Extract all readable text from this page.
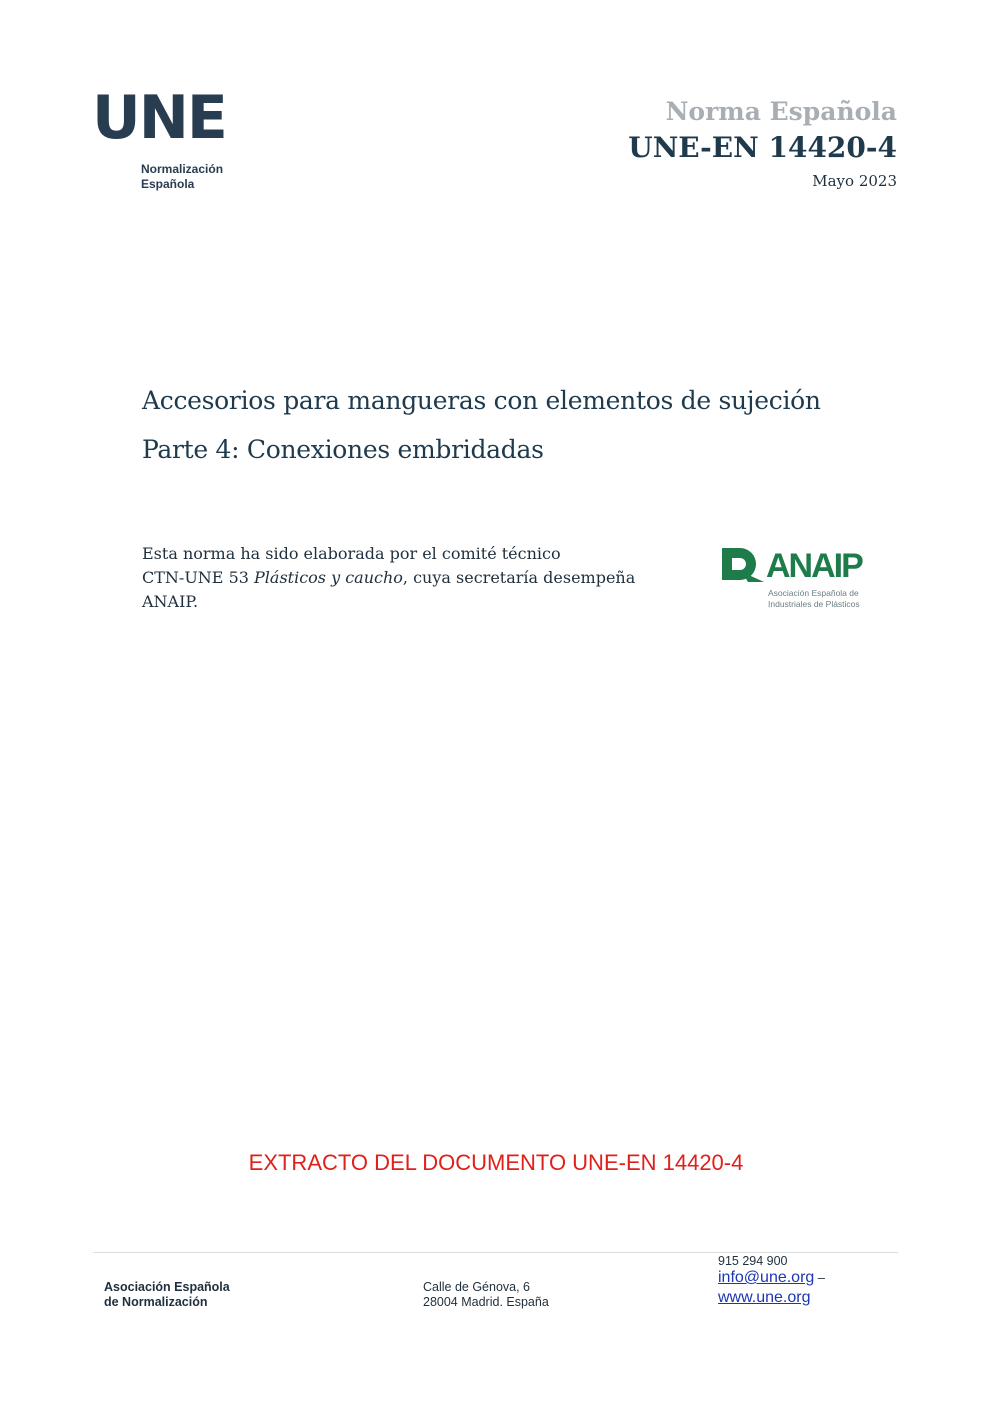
UNE
Normalización
Española
Norma Española
UNE-EN 14420-4
Mayo 2023
Accesorios para mangueras con elementos de sujeción
Parte 4: Conexiones embridadas
Esta norma ha sido elaborada por el comité técnico
CTN-UNE 53 Plásticos y caucho, cuya secretaría desempeña
ANAIP.
ANAIP
Asociación Española de
Industriales de Plásticos
EXTRACTO DEL DOCUMENTO UNE-EN 14420-4
Asociación Española
de Normalización
Calle de Génova, 6
28004 Madrid. España
915 294 900
info@une.org –
www.une.org
